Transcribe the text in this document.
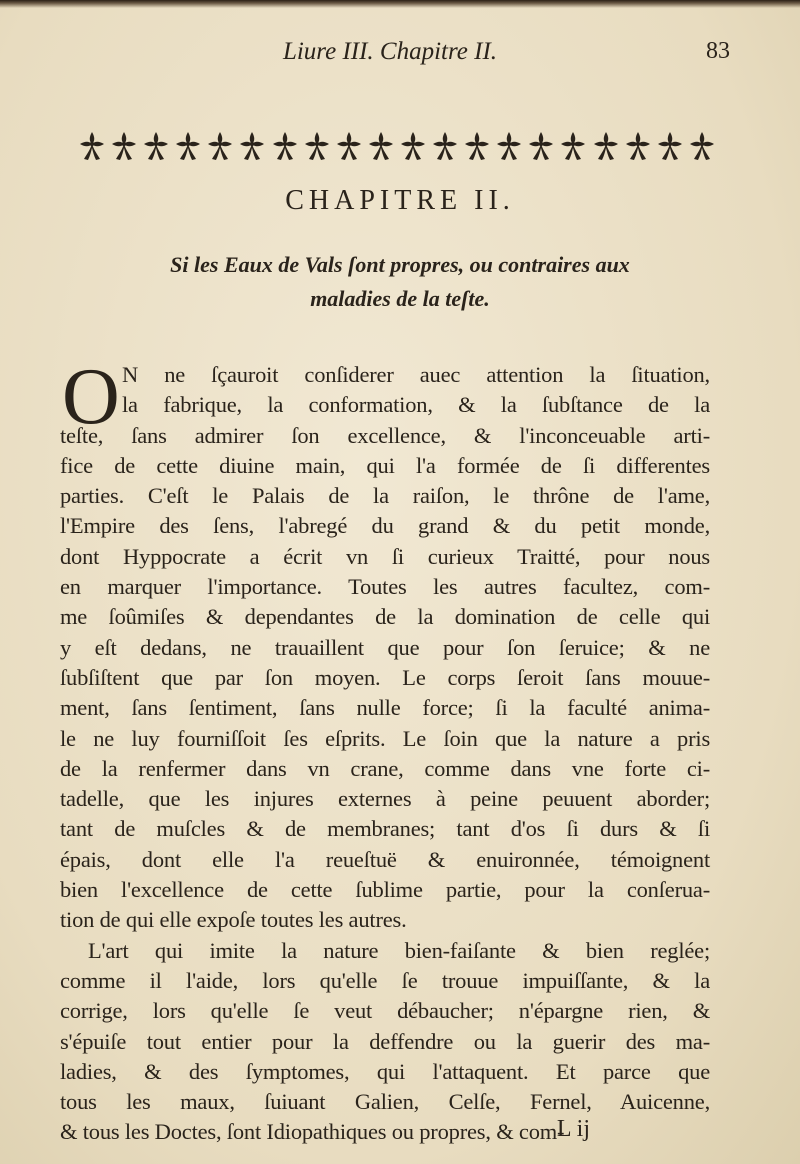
Liure III. Chapitre II.	83
CHAPITRE II.
Si les Eaux de Vals ſont propres, ou contraires aux
maladies de la teſte.
O N ne ſçauroit conſiderer auec attention la ſituation,
la fabrique, la conformation, & la ſubſtance de la
teſte, ſans admirer ſon excellence, & l'inconceuable arti-
fice de cette diuine main, qui l'a formée de ſi differentes
parties. C'eſt le Palais de la raiſon, le thrône de l'ame,
l'Empire des ſens, l'abregé du grand & du petit monde,
dont Hyppocrate a écrit vn ſi curieux Traitté, pour nous
en marquer l'importance. Toutes les autres facultez, com-
me ſoûmiſes & dependantes de la domination de celle qui
y eſt dedans, ne trauaillent que pour ſon ſeruice; & ne
ſubſiſtent que par ſon moyen. Le corps ſeroit ſans mouue-
ment, ſans ſentiment, ſans nulle force; ſi la faculté anima-
le ne luy fourniſſoit ſes eſprits. Le ſoin que la nature a pris
de la renfermer dans vn crane, comme dans vne forte ci-
tadelle, que les injures externes à peine peuuent aborder;
tant de muſcles & de membranes; tant d'os ſi durs & ſi
épais, dont elle l'a reueſtuë & enuironnée, témoignent
bien l'excellence de cette ſublime partie, pour la conſerua-
tion de qui elle expoſe toutes les autres.
L'art qui imite la nature bien-faiſante & bien reglée;
comme il l'aide, lors qu'elle ſe trouue impuiſſante, & la
corrige, lors qu'elle ſe veut débaucher; n'épargne rien, &
s'épuiſe tout entier pour la deffendre ou la guerir des ma-
ladies, & des ſymptomes, qui l'attaquent. Et parce que
tous les maux, ſuiuant Galien, Celſe, Fernel, Auicenne,
& tous les Doctes, ſont Idiopathiques ou propres, & com-
L ij
